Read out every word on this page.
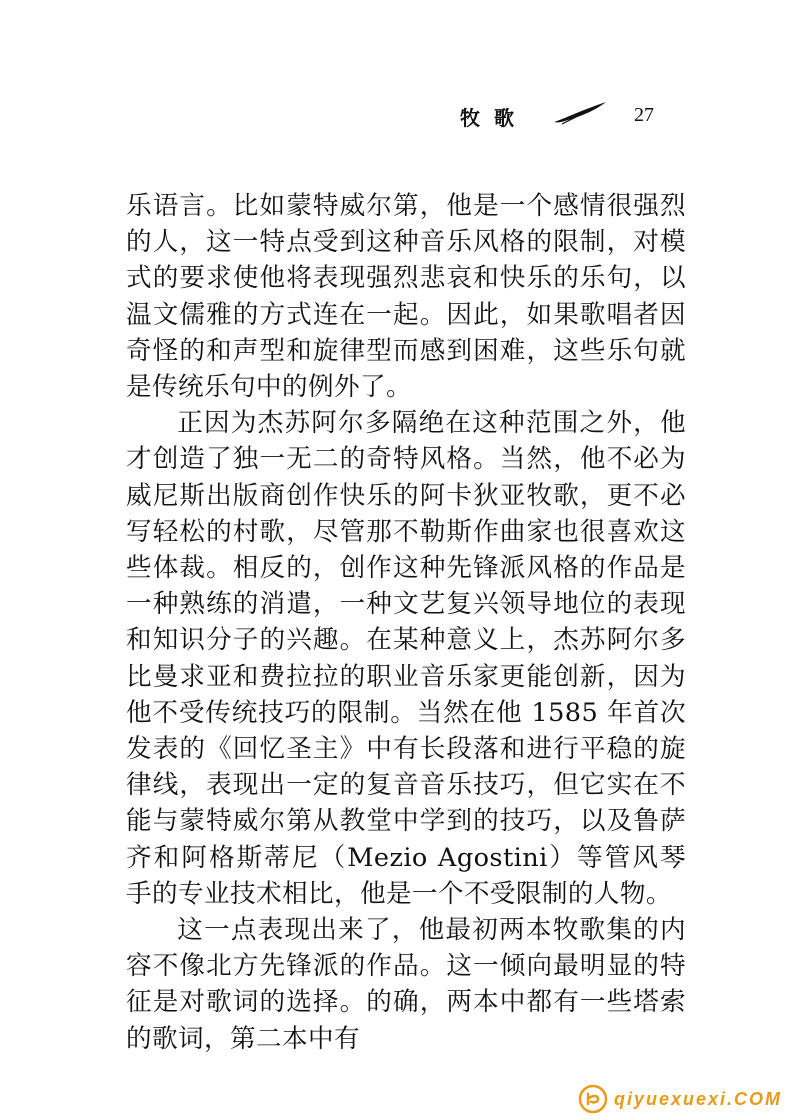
牧歌	27

乐语言。比如蒙特威尔第，他是一个感情很强烈的人，这一特点受到这种音乐风格的限制，对模式的要求使他将表现强烈悲哀和快乐的乐句，以温文儒雅的方式连在一起。因此，如果歌唱者因奇怪的和声型和旋律型而感到困难，这些乐句就是传统乐句中的例外了。

正因为杰苏阿尔多隔绝在这种范围之外，他才创造了独一无二的奇特风格。当然，他不必为威尼斯出版商创作快乐的阿卡狄亚牧歌，更不必写轻松的村歌，尽管那不勒斯作曲家也很喜欢这些体裁。相反的，创作这种先锋派风格的作品是一种熟练的消遣，一种文艺复兴领导地位的表现和知识分子的兴趣。在某种意义上，杰苏阿尔多比曼求亚和费拉拉的职业音乐家更能创新，因为他不受传统技巧的限制。当然在他 1585 年首次发表的《回忆圣主》中有长段落和进行平稳的旋律线，表现出一定的复音音乐技巧，但它实在不能与蒙特威尔第从教堂中学到的技巧，以及鲁萨齐和阿格斯蒂尼（Mezio Agostini）等管风琴手的专业技术相比，他是一个不受限制的人物。

这一点表现出来了，他最初两本牧歌集的内容不像北方先锋派的作品。这一倾向最明显的特征是对歌词的选择。的确，两本中都有一些塔索的歌词，第二本中有

qiyuexuexi.COM
